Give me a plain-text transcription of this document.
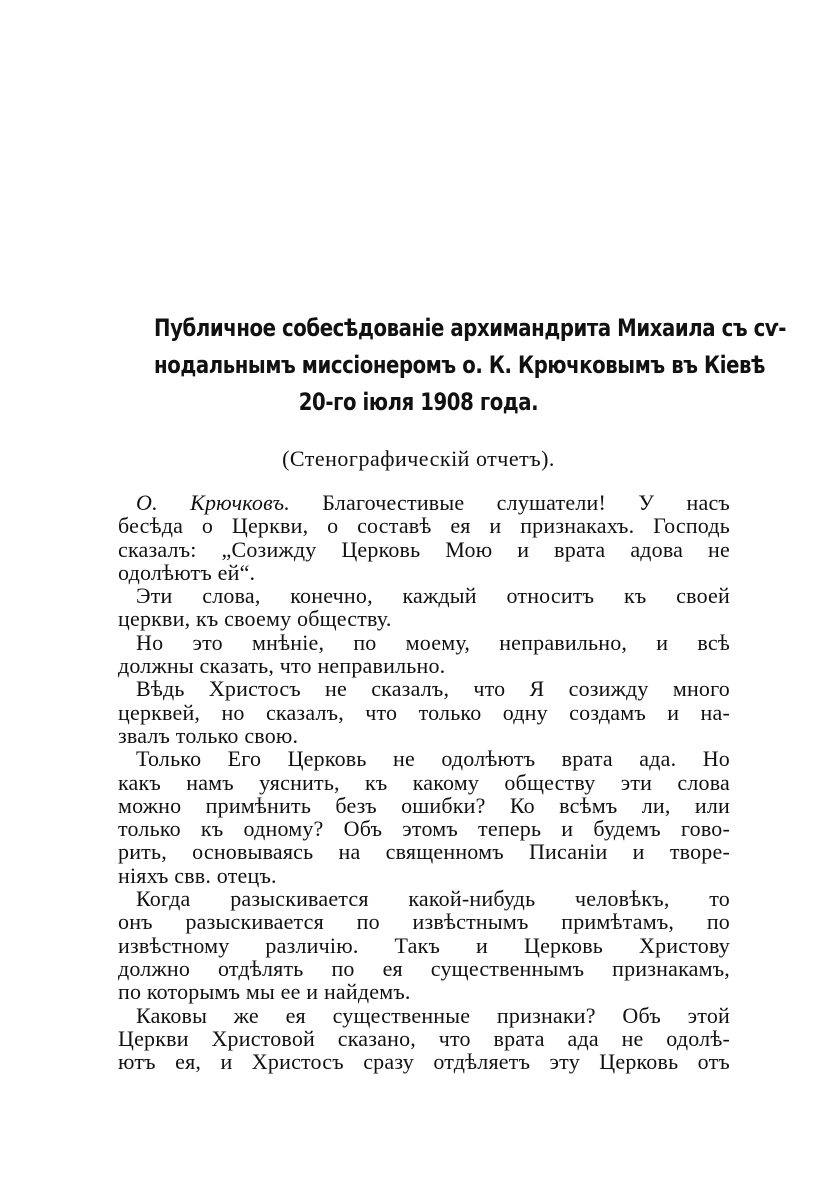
Публичное собесѣдованіе архимандрита Михаила съ сѵ-
нодальнымъ миссіонеромъ о. К. Крючковымъ въ Кіевѣ
20-го іюля 1908 года.
(Стенографическій отчетъ).
О. Крючковъ. Благочестивые слушатели! У насъ
бесѣда о Церкви, о составѣ ея и признакахъ. Господь
сказалъ: „Созижду Церковь Мою и врата адова не
одолѣютъ ей“.
Эти слова, конечно, каждый относитъ къ своей
церкви, къ своему обществу.
Но это мнѣніе, по моему, неправильно, и всѣ
должны сказать, что неправильно.
Вѣдь Христосъ не сказалъ, что Я созижду много
церквей, но сказалъ, что только одну создамъ и на-
звалъ только свою.
Только Его Церковь не одолѣютъ врата ада. Но
какъ намъ уяснить, къ какому обществу эти слова
можно примѣнить безъ ошибки? Ко всѣмъ ли, или
только къ одному? Объ этомъ теперь и будемъ гово-
рить, основываясь на священномъ Писаніи и творе-
ніяхъ свв. отецъ.
Когда разыскивается какой-нибудь человѣкъ, то
онъ разыскивается по извѣстнымъ примѣтамъ, по
извѣстному различію. Такъ и Церковь Христову
должно отдѣлять по ея существеннымъ признакамъ,
по которымъ мы ее и найдемъ.
Каковы же ея существенные признаки? Объ этой
Церкви Христовой сказано, что врата ада не одолѣ-
ютъ ея, и Христосъ сразу отдѣляетъ эту Церковь отъ
